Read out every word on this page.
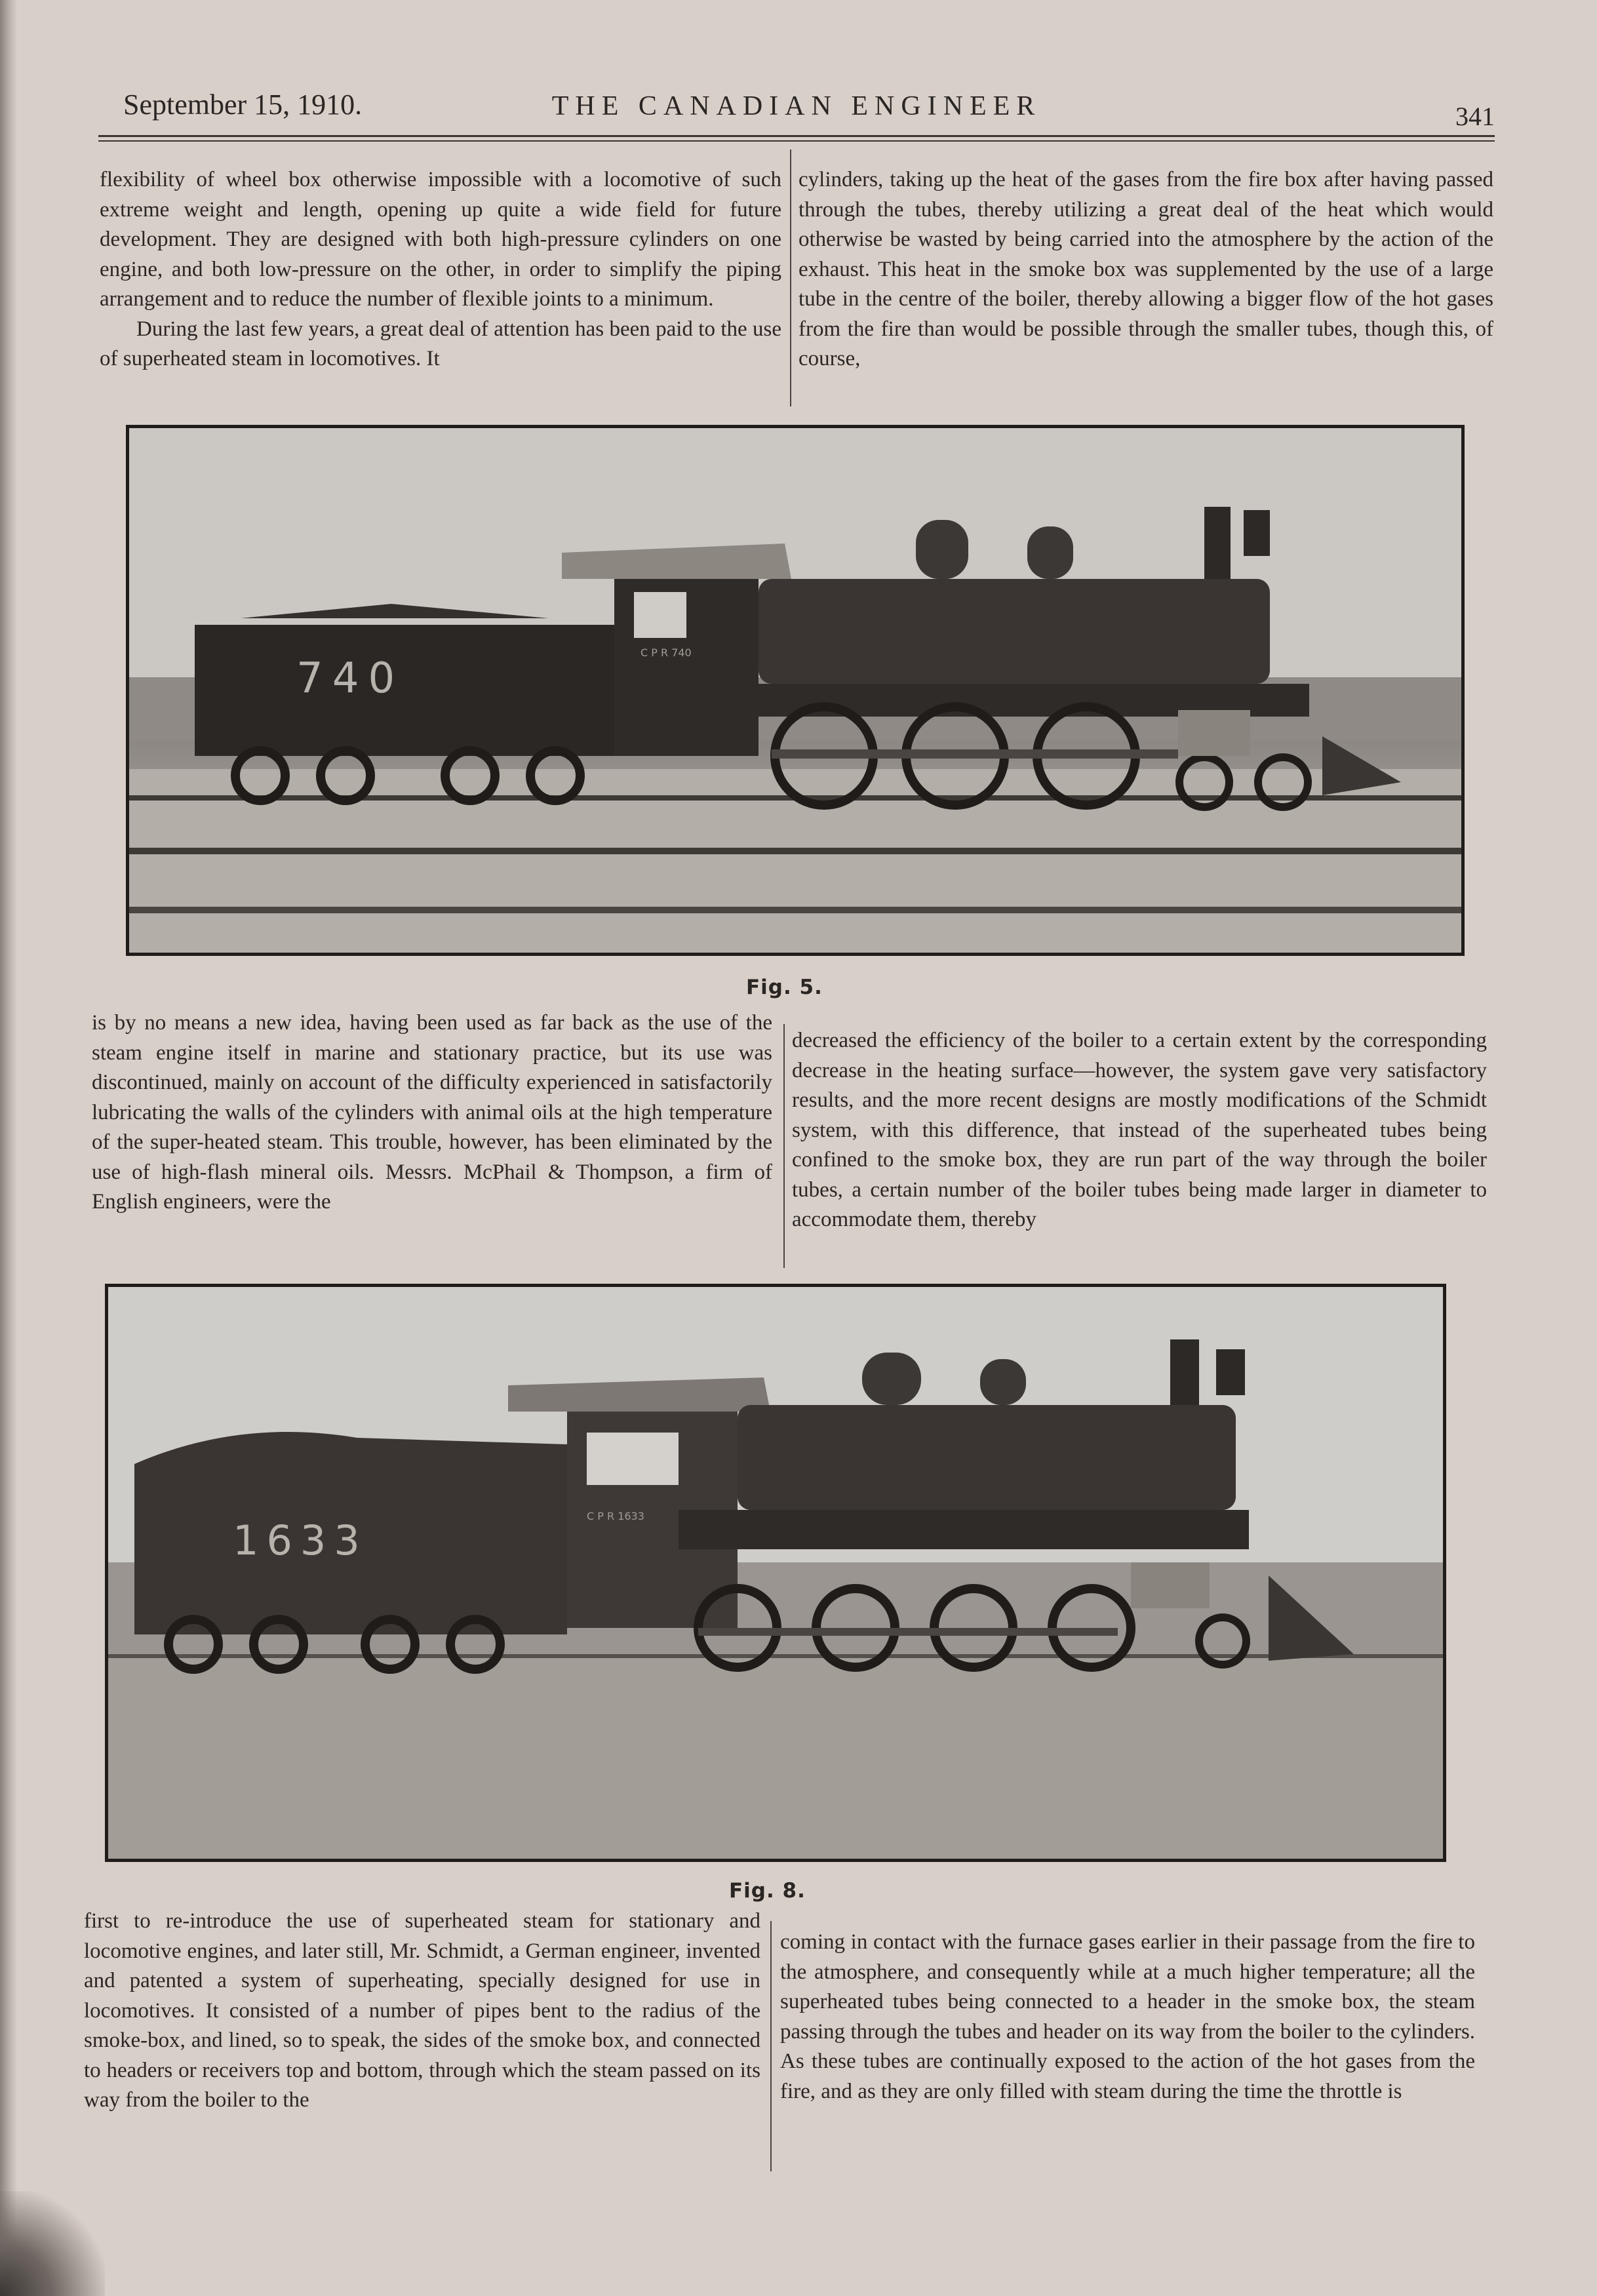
September 15, 1910.	THE CANADIAN ENGINEER	341

flexibility of wheel box otherwise impossible with a locomotive of such extreme weight and length, opening up quite a wide field for future development. They are designed with both high-pressure cylinders on one engine, and both low-pressure on the other, in order to simplify the piping arrangement and to reduce the number of flexible joints to a minimum.

During the last few years, a great deal of attention has been paid to the use of superheated steam in locomotives. It

cylinders, taking up the heat of the gases from the fire box after having passed through the tubes, thereby utilizing a great deal of the heat which would otherwise be wasted by being carried into the atmosphere by the action of the exhaust. This heat in the smoke box was supplemented by the use of a large tube in the centre of the boiler, thereby allowing a bigger flow of the hot gases from the fire than would be possible through the smaller tubes, though this, of course,

740
C P R 740
Fig. 5.

is by no means a new idea, having been used as far back as the use of the steam engine itself in marine and stationary practice, but its use was discontinued, mainly on account of the difficulty experienced in satisfactorily lubricating the walls of the cylinders with animal oils at the high temperature of the super-heated steam. This trouble, however, has been eliminated by the use of high-flash mineral oils. Messrs. McPhail & Thompson, a firm of English engineers, were the

decreased the efficiency of the boiler to a certain extent by the corresponding decrease in the heating surface—however, the system gave very satisfactory results, and the more recent designs are mostly modifications of the Schmidt system, with this difference, that instead of the superheated tubes being confined to the smoke box, they are run part of the way through the boiler tubes, a certain number of the boiler tubes being made larger in diameter to accommodate them, thereby

1633
C P R 1633
Fig. 8.

first to re-introduce the use of superheated steam for stationary and locomotive engines, and later still, Mr. Schmidt, a German engineer, invented and patented a system of superheating, specially designed for use in locomotives. It consisted of a number of pipes bent to the radius of the smoke-box, and lined, so to speak, the sides of the smoke box, and connected to headers or receivers top and bottom, through which the steam passed on its way from the boiler to the

coming in contact with the furnace gases earlier in their passage from the fire to the atmosphere, and consequently while at a much higher temperature; all the superheated tubes being connected to a header in the smoke box, the steam passing through the tubes and header on its way from the boiler to the cylinders. As these tubes are continually exposed to the action of the hot gases from the fire, and as they are only filled with steam during the time the throttle is
